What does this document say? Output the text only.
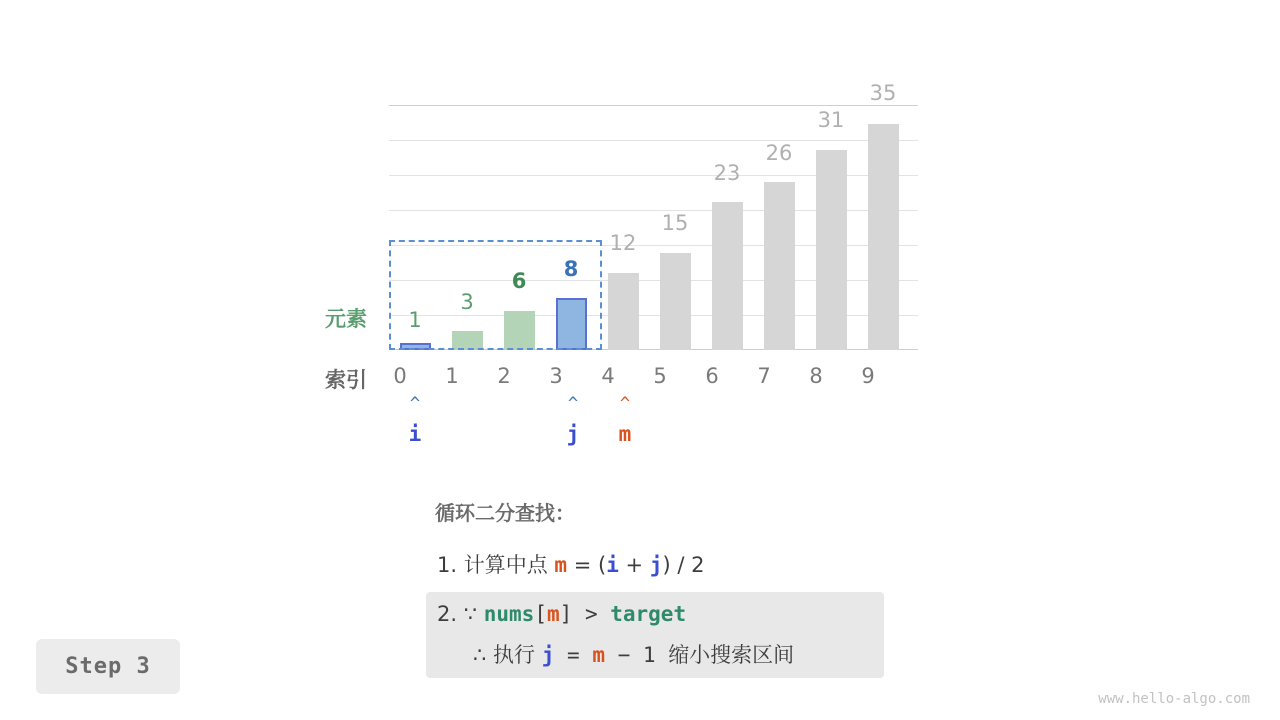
1
3
6	8
12
15
23
26
31
35
元素
索引	0	1	2	3	4	5	6	7	8	9
^	^	^
i	j	m
循环二分查找：
1. 计算中点 m = (i + j) / 2
2. ∵ nums[m] > target
∴ 执行 j = m − 1 缩小搜索区间
Step 3
www.hello-algo.com
